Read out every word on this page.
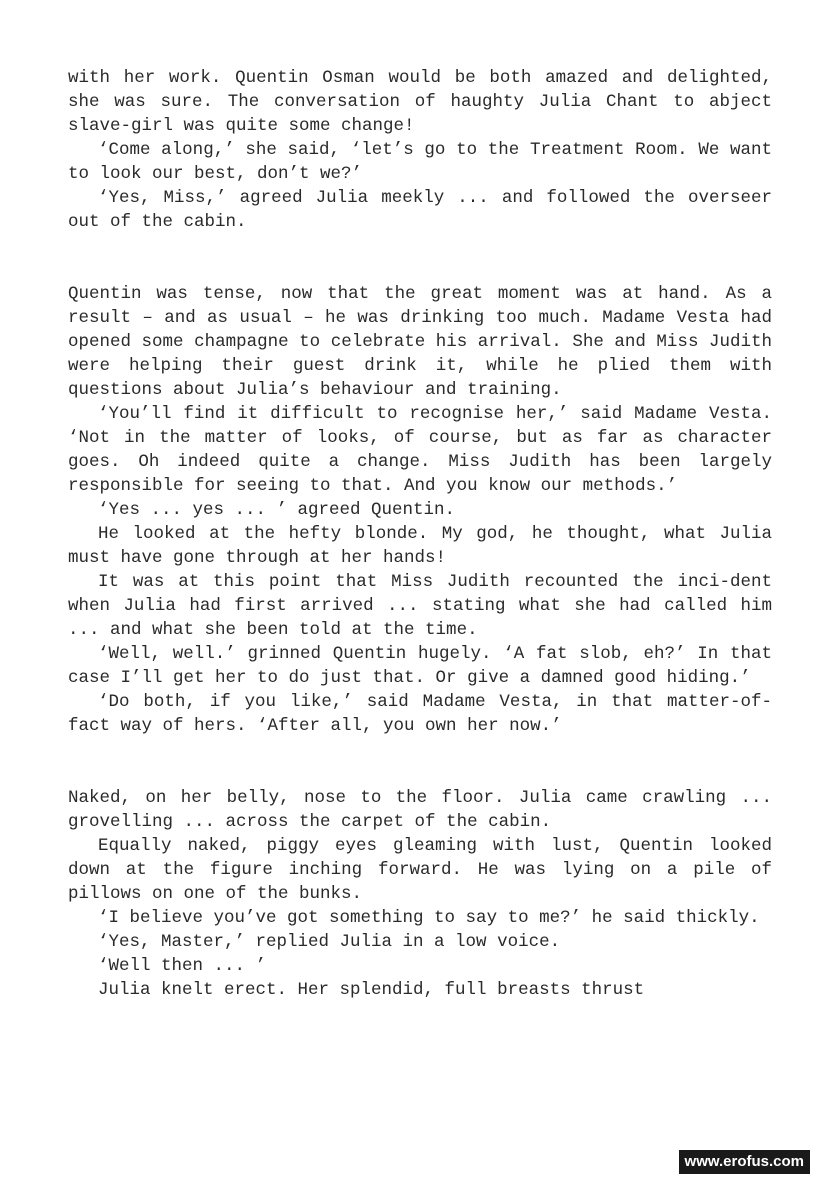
with her work. Quentin Osman would be both amazed and delighted, she was sure. The conversation of haughty Julia Chant to abject slave-girl was quite some change!

‘Come along,’ she said, ‘let’s go to the Treatment Room. We want to look our best, don’t we?’

‘Yes, Miss,’ agreed Julia meekly ... and followed the overseer out of the cabin.

Quentin was tense, now that the great moment was at hand. As a result – and as usual – he was drinking too much. Madame Vesta had opened some champagne to celebrate his arrival. She and Miss Judith were helping their guest drink it, while he plied them with questions about Julia’s behaviour and training.

‘You’ll find it difficult to recognise her,’ said Madame Vesta. ‘Not in the matter of looks, of course, but as far as character goes. Oh indeed quite a change. Miss Judith has been largely responsible for seeing to that. And you know our methods.’

‘Yes ... yes ... ’ agreed Quentin.

He looked at the hefty blonde. My god, he thought, what Julia must have gone through at her hands!

It was at this point that Miss Judith recounted the inci-dent when Julia had first arrived ... stating what she had called him ... and what she been told at the time.

‘Well, well.’ grinned Quentin hugely. ‘A fat slob, eh?’ In that case I’ll get her to do just that. Or give a damned good hiding.’

‘Do both, if you like,’ said Madame Vesta, in that matter-of-fact way of hers. ‘After all, you own her now.’

Naked, on her belly, nose to the floor. Julia came crawling ... grovelling ... across the carpet of the cabin.

Equally naked, piggy eyes gleaming with lust, Quentin looked down at the figure inching forward. He was lying on a pile of pillows on one of the bunks.

‘I believe you’ve got something to say to me?’ he said thickly.

‘Yes, Master,’ replied Julia in a low voice.

‘Well then ... ’

Julia knelt erect. Her splendid, full breasts thrust

www.erofus.com
